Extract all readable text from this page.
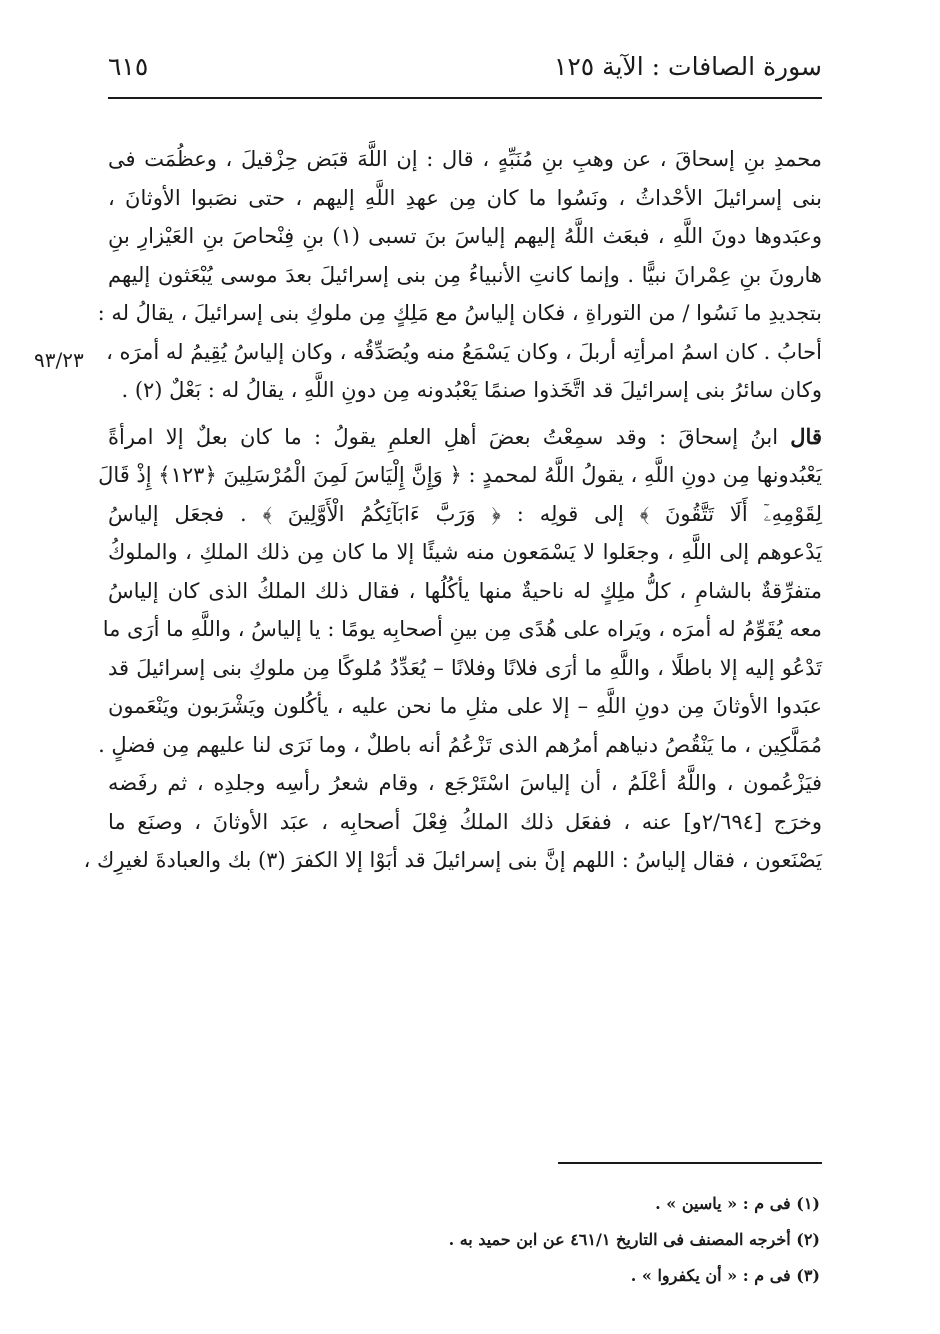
سورة الصافات : الآية ١٢٥
٦١٥
٩٣/٢٣
محمدِ بنِ إسحاقَ ، عن وهبِ بنِ مُنَبِّهٍ ، قال : إن اللَّهَ قبَض حِزْقيلَ ، وعظُمَت فى
بنى إسرائيلَ الأحْداثُ ، ونَسُوا ما كان مِن عهدِ اللَّهِ إليهم ، حتى نصَبوا الأوثانَ ،
وعبَدوها دونَ اللَّهِ ، فبعَث اللَّهُ إليهم إلياسَ بنَ تسبى (١) بنِ فِنْحاصَ بنِ العَيْزارِ بنِ
هارونَ بنِ عِمْرانَ نبيًّا . وإنما كانتِ الأنبياءُ مِن بنى إسرائيلَ بعدَ موسى يُبْعَثون إليهم
بتجديدِ ما نَسُوا / من التوراةِ ، فكان إلياسُ مع مَلِكٍ مِن ملوكِ بنى إسرائيلَ ، يقالُ له :
أحابُ . كان اسمُ امرأتِه أربلَ ، وكان يَسْمَعُ منه ويُصَدِّقُه ، وكان إلياسُ يُقِيمُ له أمرَه ،
وكان سائرُ بنى إسرائيلَ قد اتَّخَذوا صنمًا يَعْبُدونه مِن دونِ اللَّهِ ، يقالُ له : بَعْلٌ (٢) .
قال ابنُ إسحاقَ : وقد سمِعْتُ بعضَ أهلِ العلمِ يقولُ : ما كان بعلٌ إلا امرأةً
يَعْبُدونها مِن دونِ اللَّهِ ، يقولُ اللَّهُ لمحمدٍ : ﴿ وَإِنَّ إِلْيَاسَ لَمِنَ الْمُرْسَلِينَ ﴿١٢٣﴾ إِذْ قَالَ
لِقَوْمِهِۦٓ أَلَا تَتَّقُونَ ﴾ إلى قولِه : ﴿ وَرَبَّ ءَابَآئِكُمُ الْأَوَّلِينَ ﴾ . فجعَل إلياسُ
يَدْعوهم إلى اللَّهِ ، وجعَلوا لا يَسْمَعون منه شيئًا إلا ما كان مِن ذلك الملكِ ، والملوكُ
متفرِّقةٌ بالشامِ ، كلُّ ملِكٍ له ناحيةٌ منها يأكُلُها ، فقال ذلك الملكُ الذى كان إلياسُ
معه يُقَوِّمُ له أمرَه ، ويَراه على هُدًى مِن بينِ أصحابِه يومًا : يا إلياسُ ، واللَّهِ ما أرَى ما
تَدْعُو إليه إلا باطلًا ، واللَّهِ ما أرَى فلانًا وفلانًا – يُعَدِّدُ مُلوكًا مِن ملوكِ بنى إسرائيلَ قد
عبَدوا الأوثانَ مِن دونِ اللَّهِ – إلا على مثلِ ما نحن عليه ، يأكُلون ويَشْرَبون ويَنْعَمون
مُمَلَّكِين ، ما يَنْقُصُ دنياهم أمرُهم الذى تَزْعُمُ أنه باطلٌ ، وما نَرَى لنا عليهم مِن فضلٍ .
فيَزْعُمون ، واللَّهُ أعْلَمُ ، أن إلياسَ اسْتَرْجَع ، وقام شعرُ رأسِه وجلدِه ، ثم رفَضه
وخرَج [٢/٦٩٤و] عنه ، ففعَل ذلك الملكُ فِعْلَ أصحابِه ، عبَد الأوثانَ ، وصنَع ما
يَصْنَعون ، فقال إلياسُ : اللهم إنَّ بنى إسرائيلَ قد أبَوْا إلا الكفرَ (٣) بك والعبادةَ لغيرِك ،
(١) فى م : « ياسين » .
(٢) أخرجه المصنف فى التاريخ ٤٦١/١ عن ابن حميد به .
(٣) فى م : « أن يكفروا » .
